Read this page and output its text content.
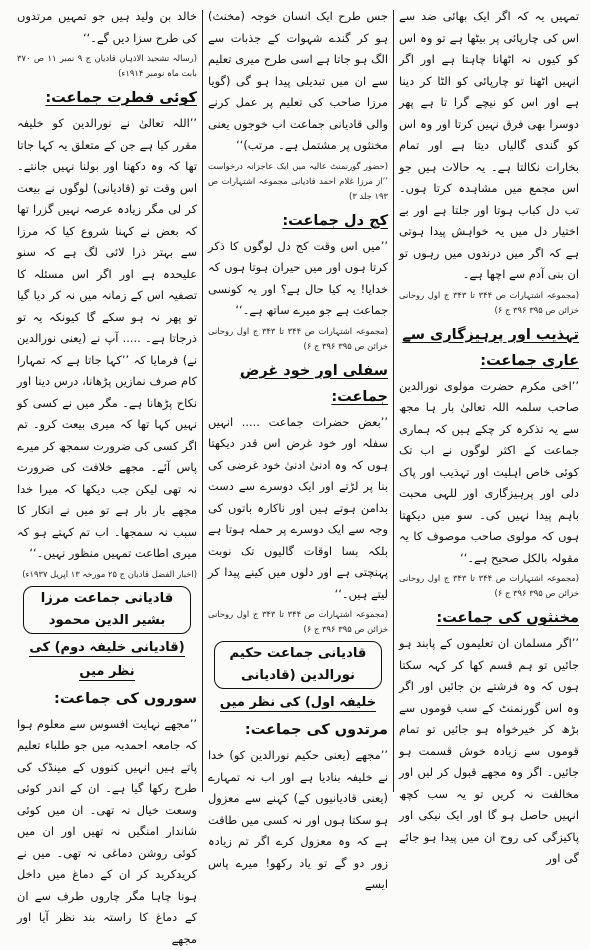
تمہیں یہ کہ اگر ایک بھائی ضد سے اس کی چارپائی پر بیٹھا ہے تو وہ اس کو کیوں نہ اٹھانا چاہتا ہے اور اگر انہیں اٹھنا تو چارپائی کو الٹا کر دینا ہے اور اس کو نیچے گرا تا ہے پھر دوسرا بھی فرق نہیں کرتا اور وہ اس کو گندی گالیاں دیتا ہے اور تمام بخارات نکالتا ہے۔ یہ حالات ہیں جو اس مجمع میں مشاہدہ کرتا ہوں۔ تب دل کباب ہوتا اور جلتا ہے اور بے اختیار دل میں یہ خواہش پیدا ہوتی ہے کہ اگر میں درندوں میں رہوں تو ان بنی آدم سے اچھا ہے۔

(مجموعہ اشتہارات ص ۳۴۴ تا ۳۴۳ ج اول روحانی خزائن ص ۳۹۵ ۳۹۶ ج ۶)

تہذیب اور پرہیزگاری سے عاری جماعت:

’’اخی مکرم حضرت مولوی نورالدین صاحب سلمہ اللہ تعالیٰ بار ہا مجھ سے یہ تذکرہ کر چکے ہیں کہ ہماری جماعت کے اکثر لوگوں نے اب تک کوئی خاص اہلیت اور تہذیب اور پاک دلی اور پرہیزگاری اور للہی محبت باہم پیدا نہیں کی۔ سو میں دیکھتا ہوں کہ مولوی صاحب موصوف کا یہ مقولہ بالکل صحیح ہے۔‘‘

(مجموعہ اشتہارات ص ۳۴۴ تا ۳۴۳ ج اول روحانی خزائن ص ۳۹۵ ۳۹۶ ج ۶)

مخنثوں کی جماعت:

’’اگر مسلمان ان تعلیموں کے پابند ہو جائیں تو ہم قسم کھا کر کہہ سکتا ہوں کہ وہ فرشتے بن جائیں اور اگر وہ اس گورنمنٹ کے سب قوموں سے بڑھ کر خیرخواہ ہو جائیں تو تمام قوموں سے زیادہ خوش قسمت ہو جائیں۔ اگر وہ مجھے قبول کر لیں اور مخالفت نہ کریں تو یہ سب کچھ انہیں حاصل ہو گا اور ایک نیکی اور پاکیزگی کی روح ان میں پیدا ہو جائے گی اور

جس طرح ایک انسان خوجہ (مخنث) ہو کر گندے شہوات کے جذبات سے الگ ہو جاتا ہے اسی طرح میری تعلیم سے ان میں تبدیلی پیدا ہو گی (گویا مرزا صاحب کی تعلیم پر عمل کرنے والی قادیانی جماعت اب خوجوں یعنی مخنثوں پر مشتمل ہے۔ مرتب)‘‘

(حضور گورنمنٹ عالیہ میں ایک عاجزانہ درخواست ’’از مرزا غلام احمد قادیانی مجموعہ اشتہارات ص ۱۹۳ جلد ۳)

کج دل جماعت:

’’میں اس وقت کج دل لوگوں کا ذکر کرتا ہوں اور میں حیران ہوتا ہوں کہ خدایا! یہ کیا حال ہے؟ اور یہ کونسی جماعت ہے جو میرے ساتھ ہے۔‘‘

(مجموعہ اشتہارات ص ۳۴۴ تا ۳۴۳ ج اول روحانی خزائن ص ۳۹۵ ۳۹۶ ج ۶)

سفلی اور خود غرض جماعت:

’’بعض حضرات جماعت ..... انہیں سفلہ اور خود غرض اس قدر دیکھتا ہوں کہ وہ ادنیٰ ادنیٰ خود غرضی کی بنا پر لڑتے اور ایک دوسرے سے دست بدامن ہوتے ہیں اور ناکارہ باتوں کی وجہ سے ایک دوسرے پر حملہ ہوتا ہے بلکہ بسا اوقات گالیوں تک نوبت پہنچتی ہے اور دلوں میں کینے پیدا کر لیتے ہیں۔‘‘

(مجموعہ اشتہارات ص ۳۴۴ تا ۳۴۳ ج اول روحانی خزائن ص ۳۹۵ ۳۹۶ ج ۶)

قادیانی جماعت حکیم نورالدین (قادیانی
خلیفہ اول) کی نظر میں
مرتدوں کی جماعت:

’’مجھے (یعنی حکیم نورالدین کو) خدا نے خلیفہ بنادیا ہے اور اب نہ تمہارے (یعنی قادیانیوں کے) کہنے سے معزول ہو سکتا ہوں اور نہ کسی میں طاقت ہے کہ وہ معزول کرے اگر تم زیادہ زور دو گے تو یاد رکھو! میرے پاس ایسے

خالد بن ولید ہیں جو تمہیں مرتدوں کی طرح سزا دیں گے۔‘‘

(رسالہ تشحیذ الاذہان قادیان ج ۹ نمبر ۱۱ ص ۳۷۰ بابت ماہ نومبر ۱۹۱۴ء)

کوئی فطرت جماعت:

’’اللہ تعالیٰ نے نورالدین کو خلیفہ مقرر کیا ہے جن کے متعلق یہ کہا جاتا تھا کہ وہ دکھنا اور بولنا نہیں جانتے۔ اس وقت تو (قادیانی) لوگوں نے بیعت کر لی مگر زیادہ عرصہ نہیں گزرا تھا کہ بعض نے کہنا شروع کیا کہ مرزا سے بہتر ذرا لائی لگ ہے کہ سنو علیحدہ ہے اور اگر اس مسئلہ کا تصفیہ اس کے زمانہ میں نہ کر دیا گیا تو پھر نہ ہو سکے گا کیونکہ یہ تو ذرجاتا ہے۔ ..... آپ نے (یعنی نورالدین نے) فرمایا کہ ’’کہا جاتا ہے کہ تمہارا کام صرف نمازیں پڑھانا، درس دینا اور نکاح پڑھانا ہے۔ مگر میں نے کسی کو نہیں کہا تھا کہ میری بیعت کرو۔ تم اگر کسی کی ضرورت سمجھ کر میرے پاس آئے۔ مجھے خلافت کی ضرورت نہ تھی لیکن جب دیکھا کہ میرا خدا مجھے بار بار ہے تو میں نے انکار کا سبب نہ سمجھا۔ اب تم کہتے ہو کہ میری اطاعت تمہیں منظور نہیں۔‘‘

(اخبار الفضل قادیان ج ۲۵ مورخہ ۱۳ اپریل ۱۹۳۷ء)

قادیانی جماعت مرزا بشیر الدین محمود
(قادیانی خلیفہ دوم) کی نظر میں
سوروں کی جماعت:

’’مجھے نہایت افسوس سے معلوم ہوا کہ جامعہ احمدیہ میں جو طلباء تعلیم پاتے ہیں انہیں کنووں کے مینڈک کی طرح رکھا گیا ہے۔ ان کے اندر کوئی وسعت خیال نہ تھی۔ ان میں کوئی شاندار امنگیں نہ تھیں اور ان میں کوئی روشن دماغی نہ تھی۔ میں نے کریدکرید کر ان کے دماغ میں داخل ہونا چاہا مگر چاروں طرف سے ان کے دماغ کا راستہ بند نظر آیا اور مجھے
